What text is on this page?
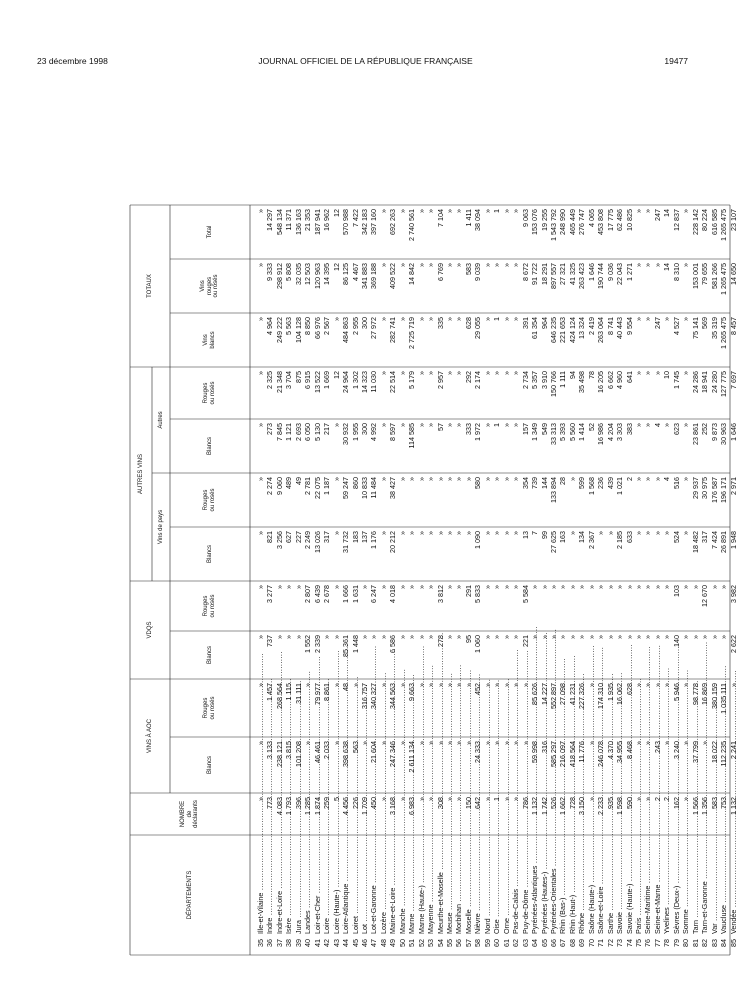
23 décembre 1998	JOURNAL OFFICIEL DE LA RÉPUBLIQUE FRANÇAISE	19477
DÉPARTEMENTS
NOMBRE
de
déclarants
VINS À AOC
VDQS
AUTRES VINS
Vins de pays
Autres
TOTAUX
Blancs
Rouges
ou rosés
Blancs
Rouges
ou rosés
Blancs
Rouges
ou rosés
Blancs
Rouges
ou rosés
Vins
blancs
Vins
rouges
ou rosés
Total
35
Ille-et-Vilaine .....
»
»
»
»
»
»
»
»
»
»
»
»
36
Indre .....
773
3 133
1 457
737
3 277
821
2 274
273
2 325
4 964
9 333
14 297
37
Indre-et-Loire .....
4 083
238 121
268 564
»
»
3 256
9 060
7 845
21 348
249 222
298 912
548 134
38
Isère .....
1 793
3 815
1 115
»
»
627
489
1 121
3 704
5 563
5 808
11 371
39
Jura .....
396
101 208
31 111
»
»
227
49
2 693
875
104 128
32 035
136 163
40
Landes .....
1 285
»
»
1 552
2 807
2 249
2 781
6 050
6 915
8 850
12 503
21 353
41
Loir-et-Cher .....
1 874
46 461
79 977
2 339
6 439
13 026
22 075
5 130
13 522
66 976
120 963
187 941
42
Loire .....
259
2 033
8 861
»
2 678
317
1 187
217
1 669
2 567
14 395
16 962
43
Loire (Haute-) .....
5
»
»
»
»
»
»
»
12
»
12
12
44
Loire-Atlantique .....
4 456
398 638
48
85 361
1 666
31 732
59 247
30 932
24 964
484 863
86 125
570 988
45
Loiret .....
226
563
»
1 448
1 631
183
860
1 955
1 302
2 955
4 467
7 422
46
Lot .....
1 709
»
316 757
»
»
137
10 833
300
14 323
300
341 883
342 183
47
Lot-et-Garonne .....
450
21 604
340 327
»
6 247
1 176
11 484
4 992
11 030
27 972
369 188
397 160
48
Lozère .....
»
»
»
»
»
»
»
»
»
»
»
»
49
Maine-et-Loire .....
3 168
247 346
344 563
6 586
4 018
20 212
38 427
8 597
22 514
282 741
409 522
692 263
50
Manche .....
»
»
»
»
»
»
»
»
»
»
»
»
51
Marne .....
6 983
2 611 134
9 663
»
»
»
»
114 585
5 179
2 725 719
14 842
2 740 561
52
Marne (Haute-) .....
»
»
»
»
»
»
»
»
»
»
»
»
53
Mayenne .....
»
»
»
»
»
»
»
»
»
»
»
»
54
Meurthe-et-Moselle .....
308
»
»
278
3 812
»
»
57
2 957
335
6 769
7 104
55
Meuse .....
»
»
»
»
»
»
»
»
»
»
»
»
56
Morbihan .....
»
»
»
»
»
»
»
»
»
»
»
»
57
Moselle .....
150
»
»
95
291
»
»
333
292
628
583
1 411
58
Nièvre .....
642
24 333
452
1 060
5 833
1 090
580
1 972
2 174
29 055
9 039
38 094
59
Nord .....
»
»
»
»
»
»
»
»
»
»
»
»
60
Oise .....
1
»
»
»
»
»
»
1
»
1
»
1
61
Orne .....
»
»
»
»
»
»
»
»
»
»
»
»
62
Pas-de-Calais .....
»
»
»
»
»
»
»
»
»
»
»
»
63
Puy-de-Dôme .....
786
»
»
221
5 584
13
354
157
2 734
391
8 672
9 063
64
Pyrénées-Atlantiques .....
1 132
59 998
85 626
»
»
7
739
1 349
5 357
61 354
91 722
153 076
65
Pyrénées (Hautes-) .....
1 742
316
14 227
»
»
99
144
549
3 910
964
18 291
19 255
66
Pyrénées-Orientales .....
526
585 297
552 897
»
»
27 625
133 894
33 313
150 766
646 235
897 557
1 543 792
67
Rhin (Bas-) .....
1 662
216 097
27 098
»
»
163
28
5 393
1 111
221 653
27 321
248 990
68
Rhin (Haut-) .....
728
418 564
41 231
»
»
»
»
5 560
94
424 124
41 325
465 449
69
Rhône .....
3 150
11 776
227 326
»
»
134
599
1 414
35 498
13 324
263 423
276 747
70
Saône (Haute-) .....
»
»
»
»
»
2 367
1 568
52
78
2 419
1 646
4 065
71
Saône-et-Loire .....
2 233
246 078
174 310
»
»
»
236
16 986
16 205
263 064
190 744
453 808
72
Sarthe .....
935
4 370
1 935
»
»
»
439
4 204
6 662
8 741
9 036
17 775
73
Savoie .....
1 598
34 955
16 062
»
»
2 185
1 021
3 303
4 960
40 443
22 043
62 486
74
Savoie (Haute-) .....
590
8 468
628
»
»
633
2
383
641
9 554
1 271
10 825
75
Paris .....
»
»
»
»
»
»
»
»
»
»
»
»
76
Seine-Maritime .....
»
»
»
»
»
»
»
»
»
»
»
»
77
Seine-et-Marne .....
2
243
»
»
»
»
»
4
»
247
»
247
78
Yvelines .....
2
»
»
»
»
»
4
»
10
»
14
14
79
Sèvres (Deux-) .....
162
3 240
5 946
140
103
524
516
623
1 745
4 527
8 310
12 837
80
Somme .....
»
»
»
»
»
»
»
»
»
»
»
»
81
Tarn .....
1 566
37 799
98 778
»
»
18 482
29 937
23 861
24 286
75 141
153 001
228 142
82
Tarn-et-Garonne .....
1 356
»
16 869
»
12 670
317
30 975
252
18 941
569
79 655
80 224
83
Var .....
583
18 022
380 159
»
»
7 424
176 587
9 873
24 280
35 319
581 266
616 585
84
Vaucluse .....
753
112 235
1 035 111
»
»
26 891
196 171
30 963
127 775
1 265 475
1 265 475
1 265 475
85
Vendée .....
1 132
2 241
»
2 622
3 982
1 948
2 971
1 646
7 697
8 457
14 650
23 107
